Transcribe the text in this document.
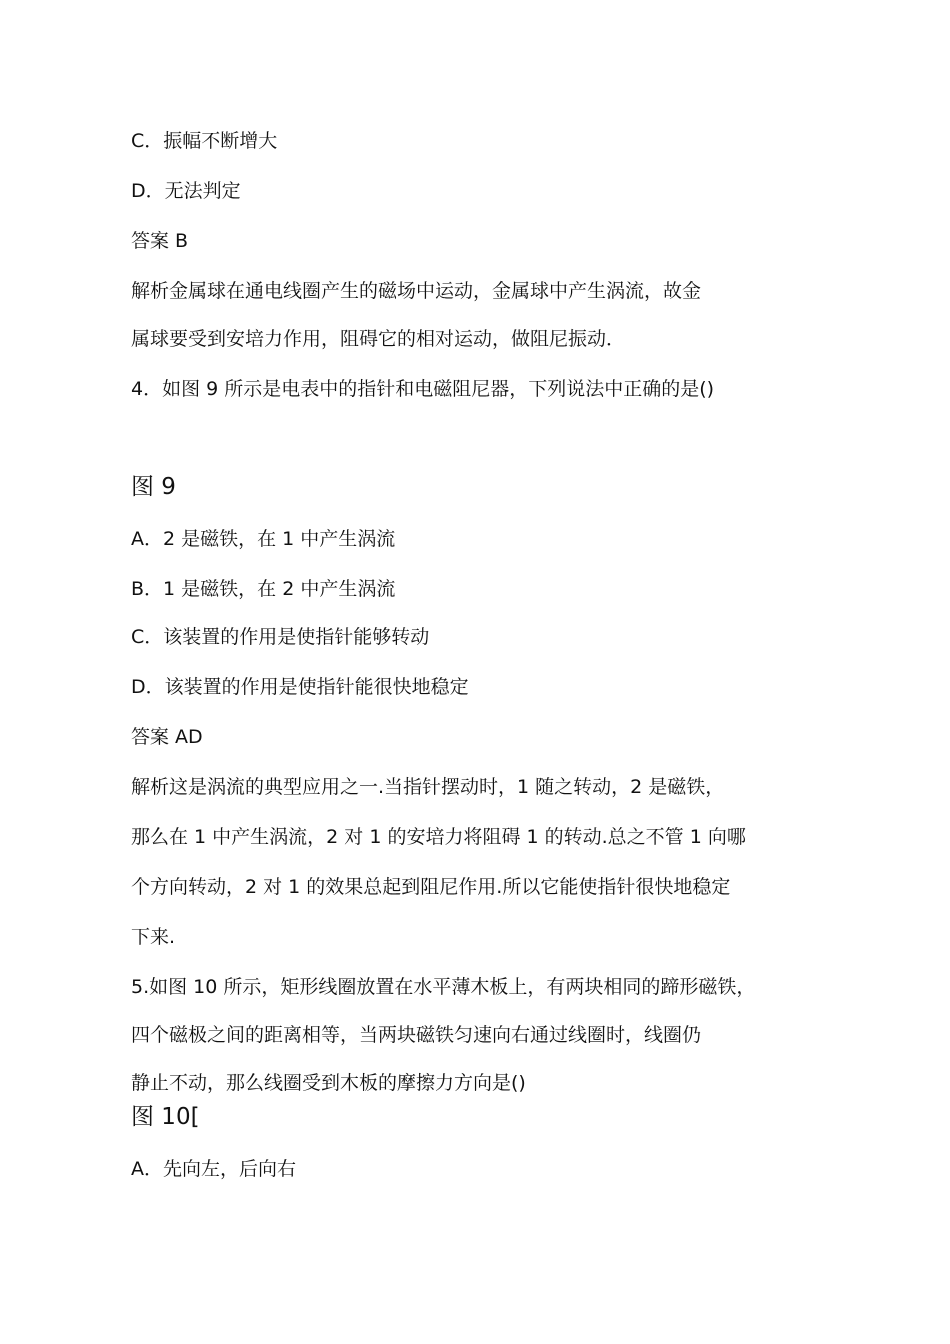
C．振幅不断增大
D．无法判定
答案 B
解析金属球在通电线圈产生的磁场中运动，金属球中产生涡流，故金
属球要受到安培力作用，阻碍它的相对运动，做阻尼振动．
4．如图 9 所示是电表中的指针和电磁阻尼器，下列说法中正确的是()
图 9
A．2 是磁铁，在 1 中产生涡流
B．1 是磁铁，在 2 中产生涡流
C．该装置的作用是使指针能够转动
D．该装置的作用是使指针能很快地稳定
答案 AD
解析这是涡流的典型应用之一.当指针摆动时，1 随之转动，2 是磁铁，
那么在 1 中产生涡流，2 对 1 的安培力将阻碍 1 的转动.总之不管 1 向哪
个方向转动，2 对 1 的效果总起到阻尼作用.所以它能使指针很快地稳定
下来.
5.如图 10 所示，矩形线圈放置在水平薄木板上，有两块相同的蹄形磁铁，
四个磁极之间的距离相等，当两块磁铁匀速向右通过线圈时，线圈仍
静止不动，那么线圈受到木板的摩擦力方向是()
图 10[
A．先向左，后向右
